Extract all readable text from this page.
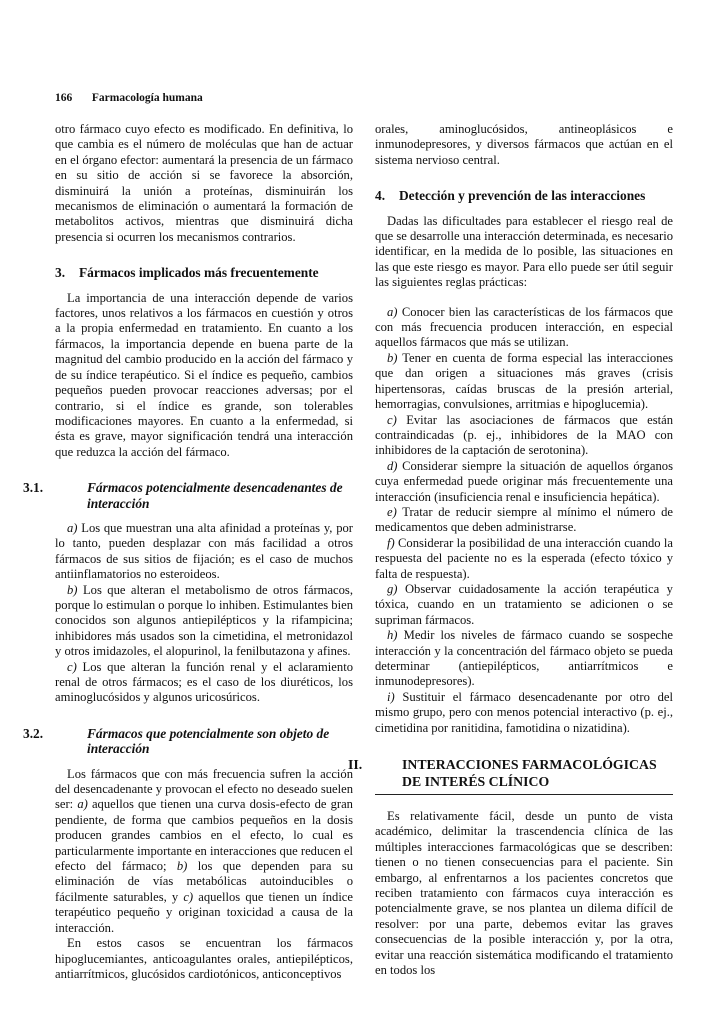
166 Farmacología humana

otro fármaco cuyo efecto es modificado. En definitiva, lo que cambia es el número de moléculas que han de actuar en el órgano efector: aumentará la presencia de un fármaco en su sitio de acción si se favorece la absorción, disminuirá la unión a proteínas, disminuirán los mecanismos de eliminación o aumentará la formación de metabolitos activos, mientras que disminuirá dicha presencia si ocurren los mecanismos contrarios.

3. Fármacos implicados más frecuentemente

La importancia de una interacción depende de varios factores, unos relativos a los fármacos en cuestión y otros a la propia enfermedad en tratamiento. En cuanto a los fármacos, la importancia depende en buena parte de la magnitud del cambio producido en la acción del fármaco y de su índice terapéutico. Si el índice es pequeño, cambios pequeños pueden provocar reacciones adversas; por el contrario, si el índice es grande, son tolerables modificaciones mayores. En cuanto a la enfermedad, si ésta es grave, mayor significación tendrá una interacción que reduzca la acción del fármaco.

3.1.	Fármacos potencialmente desencadenantes de interacción

a) Los que muestran una alta afinidad a proteínas y, por lo tanto, pueden desplazar con más facilidad a otros fármacos de sus sitios de fijación; es el caso de muchos antiinflamatorios no esteroideos.

b) Los que alteran el metabolismo de otros fármacos, porque lo estimulan o porque lo inhiben. Estimulantes bien conocidos son algunos antiepilépticos y la rifampicina; inhibidores más usados son la cimetidina, el metronidazol y otros imidazoles, el alopurinol, la fenilbutazona y afines.

c) Los que alteran la función renal y el aclaramiento renal de otros fármacos; es el caso de los diuréticos, los aminoglucósidos y algunos uricosúricos.

3.2.	Fármacos que potencialmente son objeto de interacción

Los fármacos que con más frecuencia sufren la acción del desencadenante y provocan el efecto no deseado suelen ser: a) aquellos que tienen una curva dosis-efecto de gran pendiente, de forma que cambios pequeños en la dosis producen grandes cambios en el efecto, lo cual es particularmente importante en interacciones que reducen el efecto del fármaco; b) los que dependen para su eliminación de vías metabólicas autoinducibles o fácilmente saturables, y c) aquellos que tienen un índice terapéutico pequeño y originan toxicidad a causa de la interacción.

En estos casos se encuentran los fármacos hipoglucemiantes, anticoagulantes orales, antiepilépticos, antiarrítmicos, glucósidos cardiotónicos, anticonceptivos

orales, aminoglucósidos, antineoplásicos e inmunodepresores, y diversos fármacos que actúan en el sistema nervioso central.

4. Detección y prevención de las interacciones

Dadas las dificultades para establecer el riesgo real de que se desarrolle una interacción determinada, es necesario identificar, en la medida de lo posible, las situaciones en las que este riesgo es mayor. Para ello puede ser útil seguir las siguientes reglas prácticas:

a) Conocer bien las características de los fármacos que con más frecuencia producen interacción, en especial aquellos fármacos que más se utilizan.

b) Tener en cuenta de forma especial las interacciones que dan origen a situaciones más graves (crisis hipertensoras, caídas bruscas de la presión arterial, hemorragias, convulsiones, arritmias e hipoglucemia).

c) Evitar las asociaciones de fármacos que están contraindicadas (p. ej., inhibidores de la MAO con inhibidores de la captación de serotonina).

d) Considerar siempre la situación de aquellos órganos cuya enfermedad puede originar más frecuentemente una interacción (insuficiencia renal e insuficiencia hepática).

e) Tratar de reducir siempre al mínimo el número de medicamentos que deben administrarse.

f) Considerar la posibilidad de una interacción cuando la respuesta del paciente no es la esperada (efecto tóxico y falta de respuesta).

g) Observar cuidadosamente la acción terapéutica y tóxica, cuando en un tratamiento se adicionen o se supriman fármacos.

h) Medir los niveles de fármaco cuando se sospeche interacción y la concentración del fármaco objeto se pueda determinar (antiepilépticos, antiarrítmicos e inmunodepresores).

i) Sustituir el fármaco desencadenante por otro del mismo grupo, pero con menos potencial interactivo (p. ej., cimetidina por ranitidina, famotidina o nizatidina).

II.	INTERACCIONES FARMACOLÓGICAS DE INTERÉS CLÍNICO

Es relativamente fácil, desde un punto de vista académico, delimitar la trascendencia clínica de las múltiples interacciones farmacológicas que se describen: tienen o no tienen consecuencias para el paciente. Sin embargo, al enfrentarnos a los pacientes concretos que reciben tratamiento con fármacos cuya interacción es potencialmente grave, se nos plantea un dilema difícil de resolver: por una parte, debemos evitar las graves consecuencias de la posible interacción y, por la otra, evitar una reacción sistemática modificando el tratamiento en todos los
